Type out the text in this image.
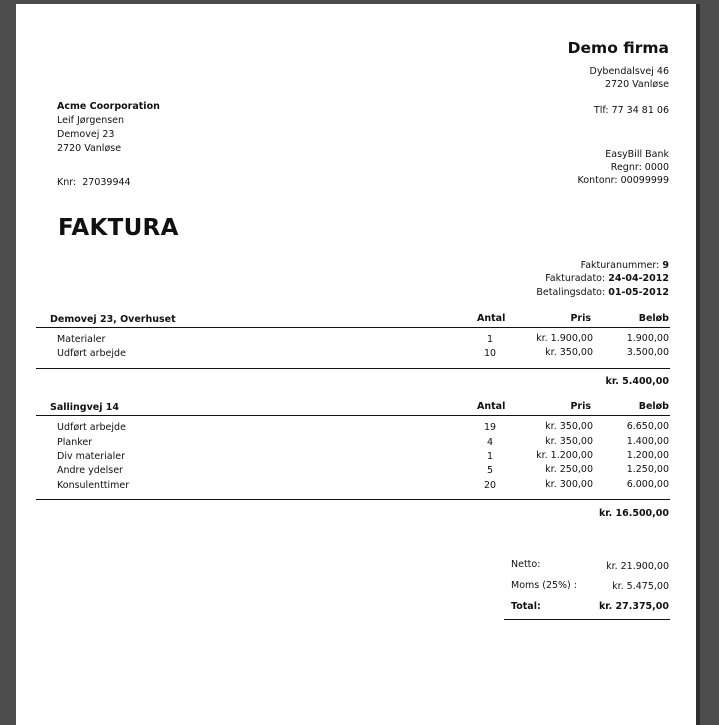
Demo firma
Dybendalsvej 46
2720 Vanløse
Tlf: 77 34 81 06
EasyBill Bank
Regnr: 0000
Kontonr: 00099999
Acme Coorporation
Leif Jørgensen
Demovej 23
2720 Vanløse
Knr: 27039944
FAKTURA
Fakturanummer: 9
Fakturadato: 24-04-2012
Betalingsdato: 01-05-2012
Demovej 23, Overhuset	Antal	Pris	Beløb
Materialer	1	kr. 1.900,00	1.900,00
Udført arbejde	10	kr. 350,00	3.500,00
kr. 5.400,00
Sallingvej 14	Antal	Pris	Beløb
Udført arbejde	19	kr. 350,00	6.650,00
Planker	4	kr. 350,00	1.400,00
Div materialer	1	kr. 1.200,00	1.200,00
Andre ydelser	5	kr. 250,00	1.250,00
Konsulenttimer	20	kr. 300,00	6.000,00
kr. 16.500,00
Netto:	kr. 21.900,00
Moms (25%) :	kr. 5.475,00
Total:	kr. 27.375,00
